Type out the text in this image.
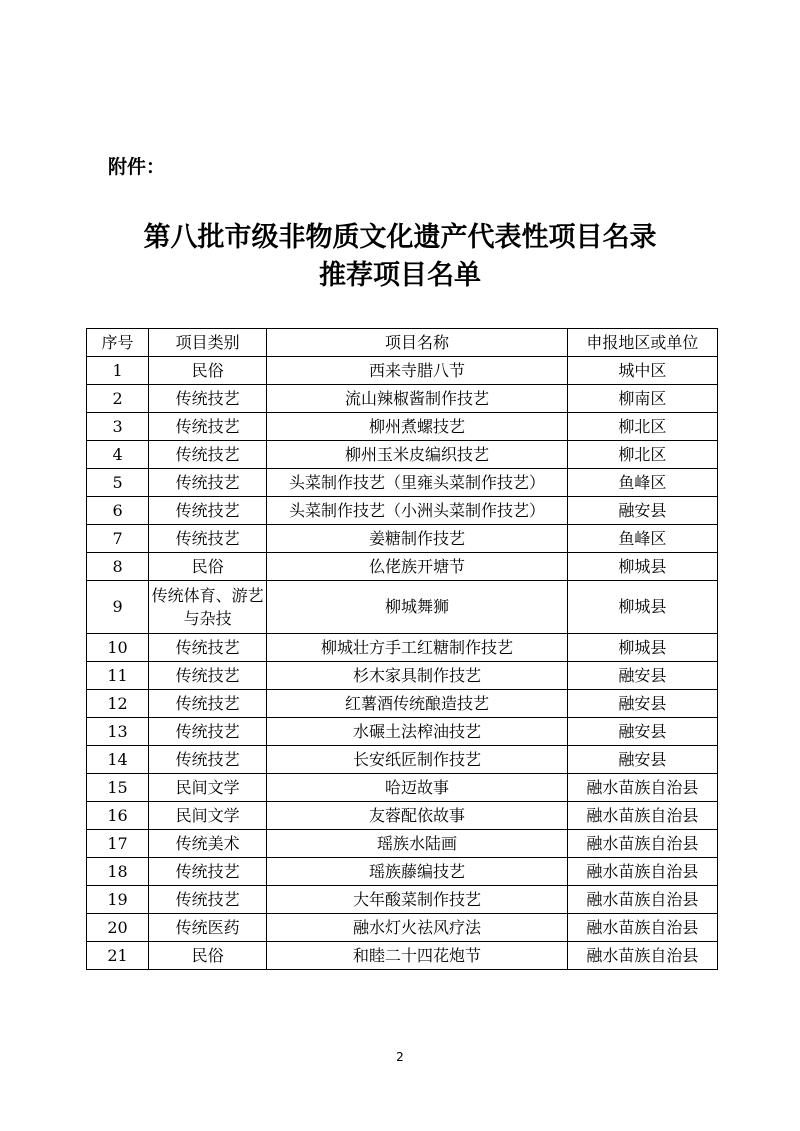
附件：
第八批市级非物质文化遗产代表性项目名录
推荐项目名单
序号	项目类别	项目名称	申报地区或单位
1	民俗	西来寺腊八节	城中区
2	传统技艺	流山辣椒酱制作技艺	柳南区
3	传统技艺	柳州煮螺技艺	柳北区
4	传统技艺	柳州玉米皮编织技艺	柳北区
5	传统技艺	头菜制作技艺（里雍头菜制作技艺）	鱼峰区
6	传统技艺	头菜制作技艺（小洲头菜制作技艺）	融安县
7	传统技艺	姜糖制作技艺	鱼峰区
8	民俗	仫佬族开塘节	柳城县
9	传统体育、游艺与杂技	柳城舞狮	柳城县
10	传统技艺	柳城壮方手工红糖制作技艺	柳城县
11	传统技艺	杉木家具制作技艺	融安县
12	传统技艺	红薯酒传统酿造技艺	融安县
13	传统技艺	水碾土法榨油技艺	融安县
14	传统技艺	长安纸匠制作技艺	融安县
15	民间文学	哈迈故事	融水苗族自治县
16	民间文学	友蓉配依故事	融水苗族自治县
17	传统美术	瑶族水陆画	融水苗族自治县
18	传统技艺	瑶族藤编技艺	融水苗族自治县
19	传统技艺	大年酸菜制作技艺	融水苗族自治县
20	传统医药	融水灯火祛风疗法	融水苗族自治县
21	民俗	和睦二十四花炮节	融水苗族自治县
2
